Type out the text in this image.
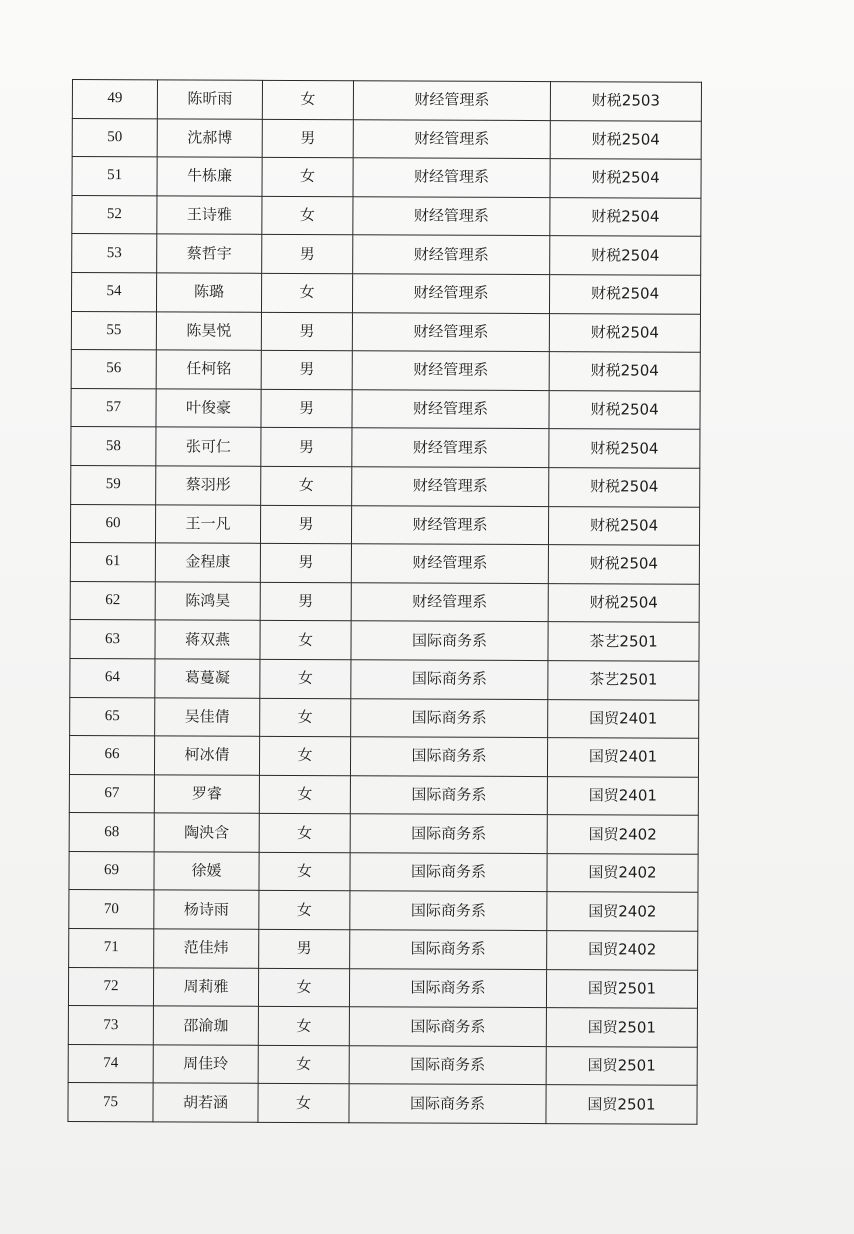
49	陈昕雨	女	财经管理系	财税2503
50	沈郝博	男	财经管理系	财税2504
51	牛栋廉	女	财经管理系	财税2504
52	王诗雅	女	财经管理系	财税2504
53	蔡哲宇	男	财经管理系	财税2504
54	陈璐	女	财经管理系	财税2504
55	陈昊悦	男	财经管理系	财税2504
56	任柯铭	男	财经管理系	财税2504
57	叶俊豪	男	财经管理系	财税2504
58	张可仁	男	财经管理系	财税2504
59	蔡羽彤	女	财经管理系	财税2504
60	王一凡	男	财经管理系	财税2504
61	金程康	男	财经管理系	财税2504
62	陈鸿昊	男	财经管理系	财税2504
63	蒋双燕	女	国际商务系	茶艺2501
64	葛蔓凝	女	国际商务系	茶艺2501
65	吴佳倩	女	国际商务系	国贸2401
66	柯冰倩	女	国际商务系	国贸2401
67	罗睿	女	国际商务系	国贸2401
68	陶泱含	女	国际商务系	国贸2402
69	徐媛	女	国际商务系	国贸2402
70	杨诗雨	女	国际商务系	国贸2402
71	范佳炜	男	国际商务系	国贸2402
72	周莉雅	女	国际商务系	国贸2501
73	邵渝珈	女	国际商务系	国贸2501
74	周佳玲	女	国际商务系	国贸2501
75	胡若涵	女	国际商务系	国贸2501
